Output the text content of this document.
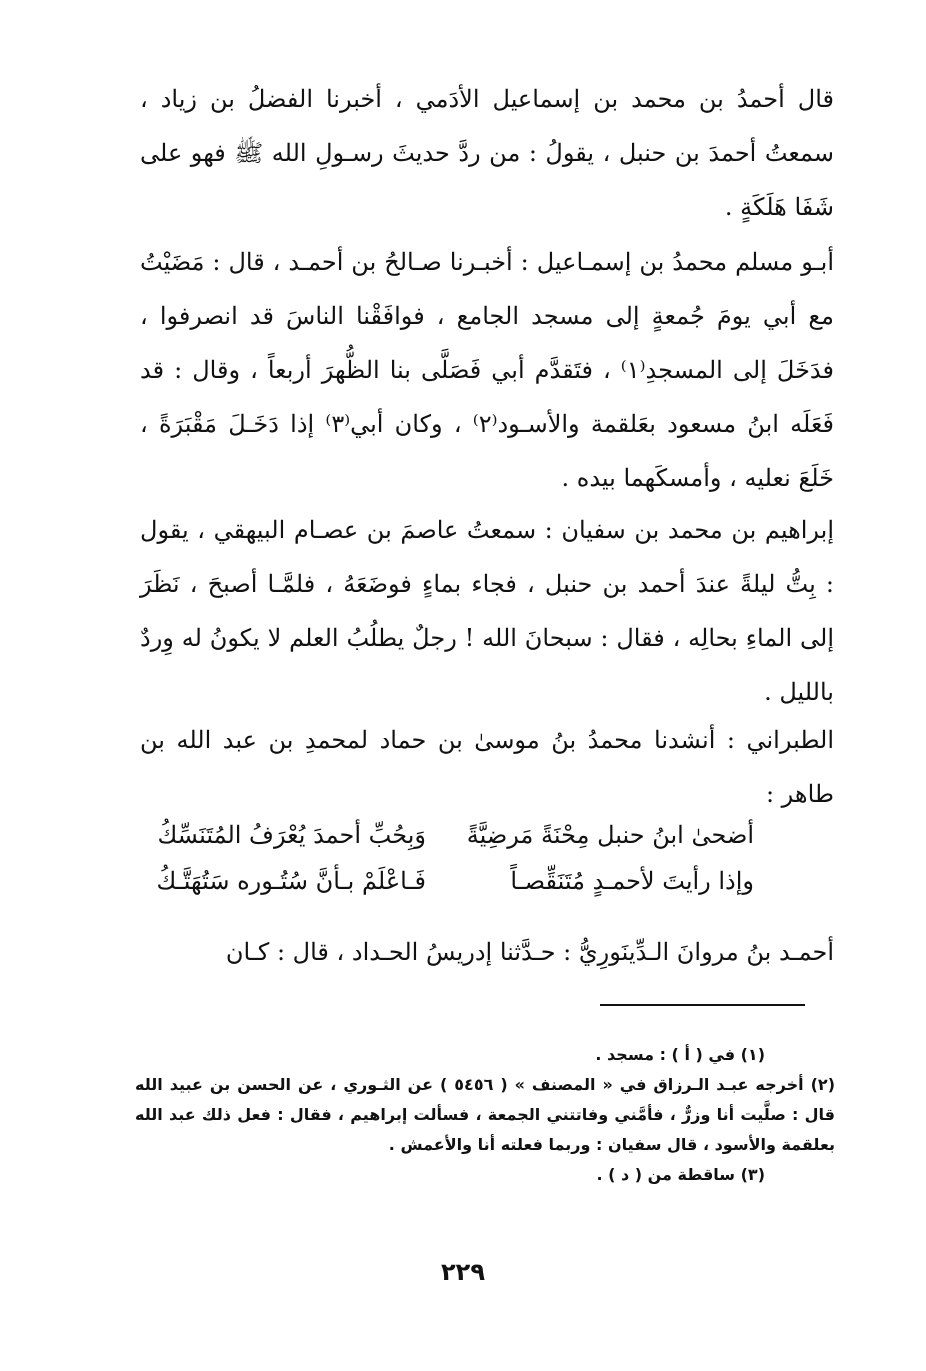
قال أحمدُ بن محمد بن إسماعيل الأدَمي ، أخبرنا الفضلُ بن زياد ، سمعتُ أحمدَ بن حنبل ، يقولُ : من ردَّ حديثَ رسـولِ الله ﷺ فهو على شَفَا هَلَكَةٍ .

أبـو مسلم محمدُ بن إسمـاعيل : أخبـرنا صـالحُ بن أحمـد ، قال : مَضَيْتُ مع أبي يومَ جُمعةٍ إلى مسجد الجامع ، فوافَقْنا الناسَ قد انصرفوا ، فدَخَلَ إلى المسجدِ⁽١⁾ ، فتَقدَّم أبي فَصَلَّى بنا الظُّهرَ أربعاً ، وقال : قد فَعَلَه ابنُ مسعود بعَلقمة والأسـود⁽٢⁾ ، وكان أبي⁽٣⁾ إذا دَخَـلَ مَقْبَرَةً ، خَلَعَ نعليه ، وأمسكَهما بيده .

إبراهيم بن محمد بن سفيان : سمعتُ عاصمَ بن عصـام البيهقي ، يقول : بِتُّ ليلةً عندَ أحمد بن حنبل ، فجاء بماءٍ فوضَعَهُ ، فلمَّـا أصبحَ ، نَظَرَ إلى الماءِ بحالِه ، فقال : سبحانَ الله ! رجلٌ يطلُبُ العلم لا يكونُ له وِردٌ بالليل .

الطبراني : أنشدنا محمدُ بنُ موسىٰ بن حماد لمحمدِ بن عبد الله بن طاهر :

أضحىٰ ابنُ حنبل مِحْنَةً مَرضِيَّةً
وَبِحُبِّ أحمدَ يُعْرَفُ المُتَنَسِّكُ
وإذا رأيتَ لأحمـدٍ مُتَنَقِّصـاً
فَـاعْلَمْ بـأنَّ سُتُـوره سَتُهَتَّـكُ

أحمـد بنُ مروانَ الـدِّينَورِيُّ : حـدَّثنا إدريسُ الحـداد ، قال : كـان

(١) في ( أ ) : مسجد .

(٢) أخرجه عبـد الـرزاق في « المصنف » ( ٥٤٥٦ ) عن الثـوري ، عن الحسن بن عبيد الله قال : صلَّيت أنا وزرٌّ ، فأمَّني وفاتتني الجمعة ، فسألت إبراهيم ، فقال : فعل ذلك عبد الله بعلقمة والأسود ، قال سفيان : وربما فعلته أنا والأعمش .

(٣) ساقطة من ( د ) .

٢٢٩
